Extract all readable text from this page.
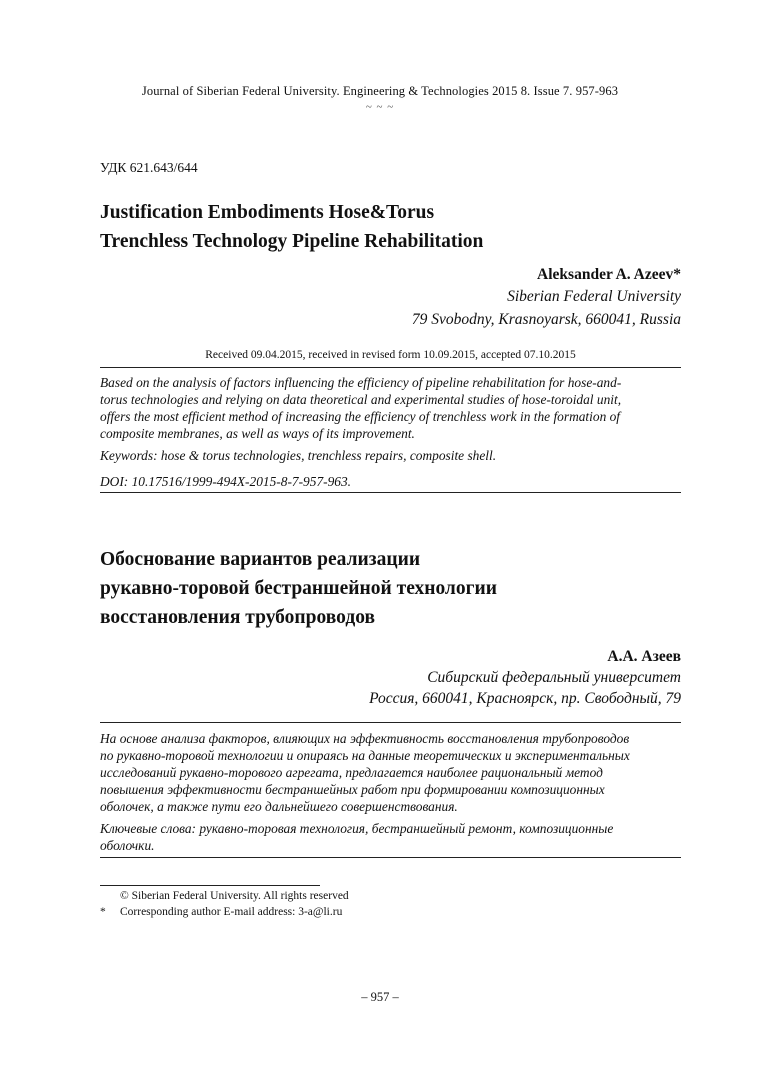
Journal of Siberian Federal University. Engineering & Technologies 2015 8. Issue 7. 957-963
~ ~ ~
УДК 621.643/644
Justification Embodiments Hose&Torus
Trenchless Technology Pipeline Rehabilitation
Aleksander A. Azeev*
Siberian Federal University
79 Svobodny, Krasnoyarsk, 660041, Russia
Received 09.04.2015, received in revised form 10.09.2015, accepted 07.10.2015
Based on the analysis of factors influencing the efficiency of pipeline rehabilitation for hose-and-
torus technologies and relying on data theoretical and experimental studies of hose-toroidal unit,
offers the most efficient method of increasing the efficiency of trenchless work in the formation of
composite membranes, as well as ways of its improvement.
Keywords: hose & torus technologies, trenchless repairs, composite shell.
DOI: 10.17516/1999-494X-2015-8-7-957-963.
Обоснование вариантов реализации
рукавно-торовой бестраншейной технологии
восстановления трубопроводов
А.А. Азеев
Сибирский федеральный университет
Россия, 660041, Красноярск, пр. Свободный, 79
На основе анализа факторов, влияющих на эффективность восстановления трубопроводов
по рукавно-торовой технологии и опираясь на данные теоретических и экспериментальных
исследований рукавно-торового агрегата, предлагается наиболее рациональный метод
повышения эффективности бестраншейных работ при формировании композиционных
оболочек, а также пути его дальнейшего совершенствования.
Ключевые слова: рукавно-торовая технология, бестраншейный ремонт, композиционные
оболочки.
© Siberian Federal University. All rights reserved
* Corresponding author E-mail address: 3-a@li.ru
– 957 –
